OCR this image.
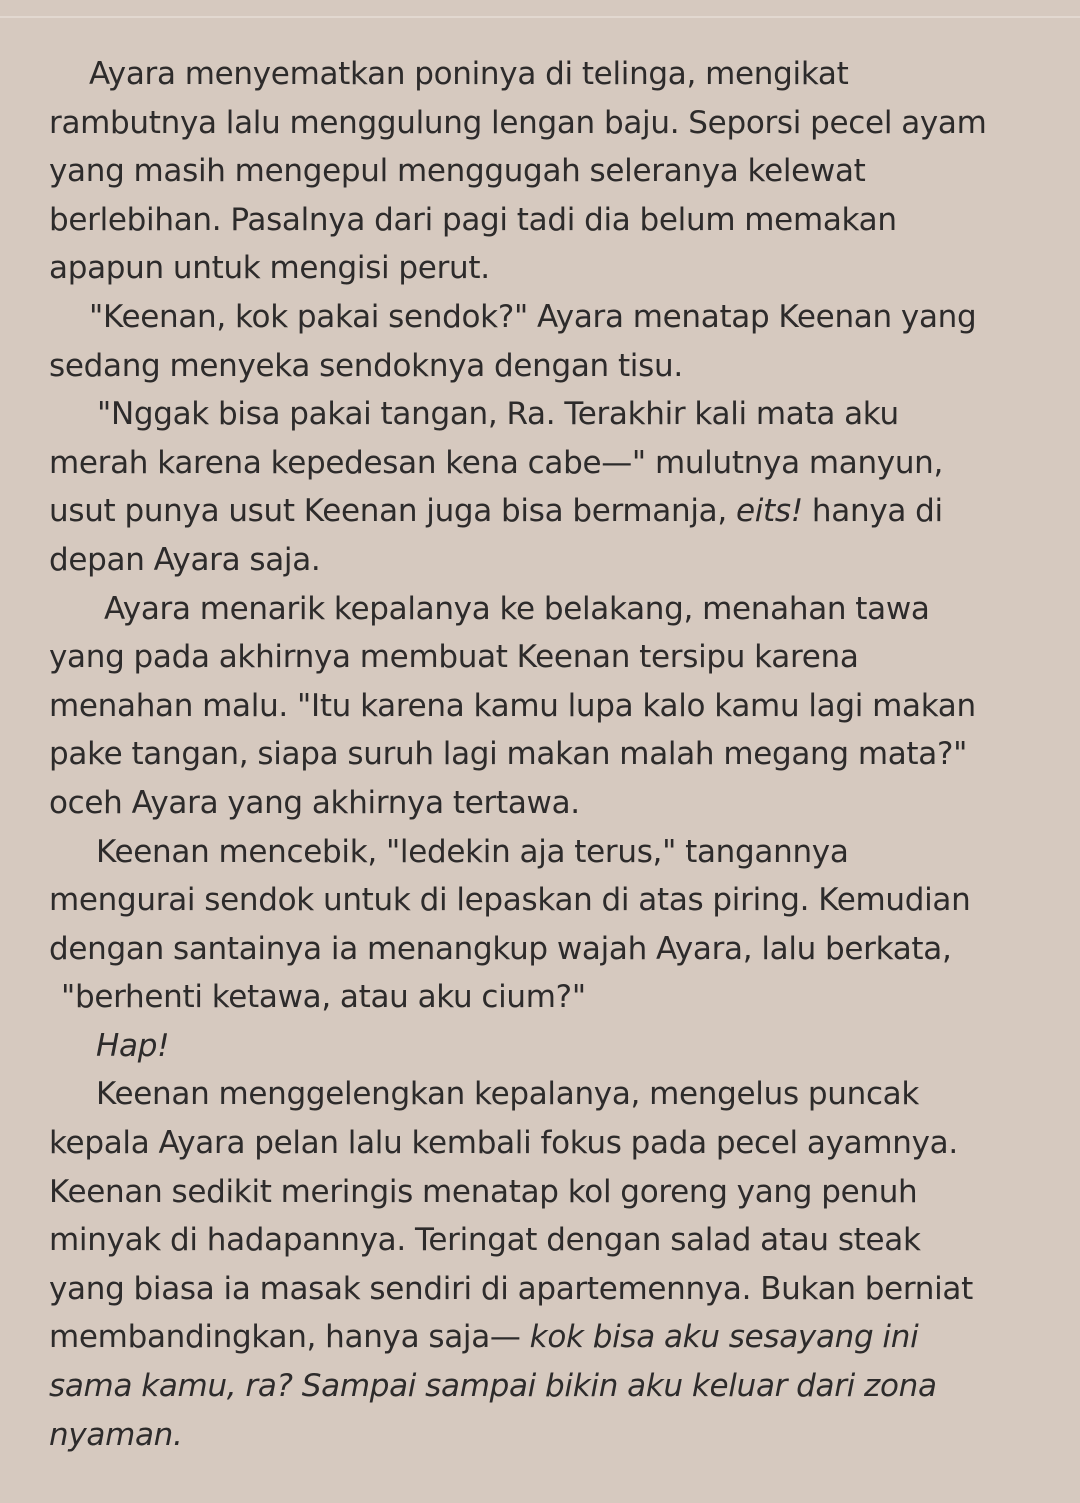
Ayara menyematkan poninya di telinga, mengikat
rambutnya lalu menggulung lengan baju. Seporsi pecel ayam
yang masih mengepul menggugah seleranya kelewat
berlebihan. Pasalnya dari pagi tadi dia belum memakan
apapun untuk mengisi perut.
"Keenan, kok pakai sendok?" Ayara menatap Keenan yang
sedang menyeka sendoknya dengan tisu.
"Nggak bisa pakai tangan, Ra. Terakhir kali mata aku
merah karena kepedesan kena cabe—" mulutnya manyun,
usut punya usut Keenan juga bisa bermanja, eits! hanya di
depan Ayara saja.
Ayara menarik kepalanya ke belakang, menahan tawa
yang pada akhirnya membuat Keenan tersipu karena
menahan malu. "Itu karena kamu lupa kalo kamu lagi makan
pake tangan, siapa suruh lagi makan malah megang mata?"
oceh Ayara yang akhirnya tertawa.
Keenan mencebik, "ledekin aja terus," tangannya
mengurai sendok untuk di lepaskan di atas piring. Kemudian
dengan santainya ia menangkup wajah Ayara, lalu berkata,
"berhenti ketawa, atau aku cium?"
Hap!
Keenan menggelengkan kepalanya, mengelus puncak
kepala Ayara pelan lalu kembali fokus pada pecel ayamnya.
Keenan sedikit meringis menatap kol goreng yang penuh
minyak di hadapannya. Teringat dengan salad atau steak
yang biasa ia masak sendiri di apartemennya. Bukan berniat
membandingkan, hanya saja— kok bisa aku sesayang ini
sama kamu, ra? Sampai sampai bikin aku keluar dari zona
nyaman.
